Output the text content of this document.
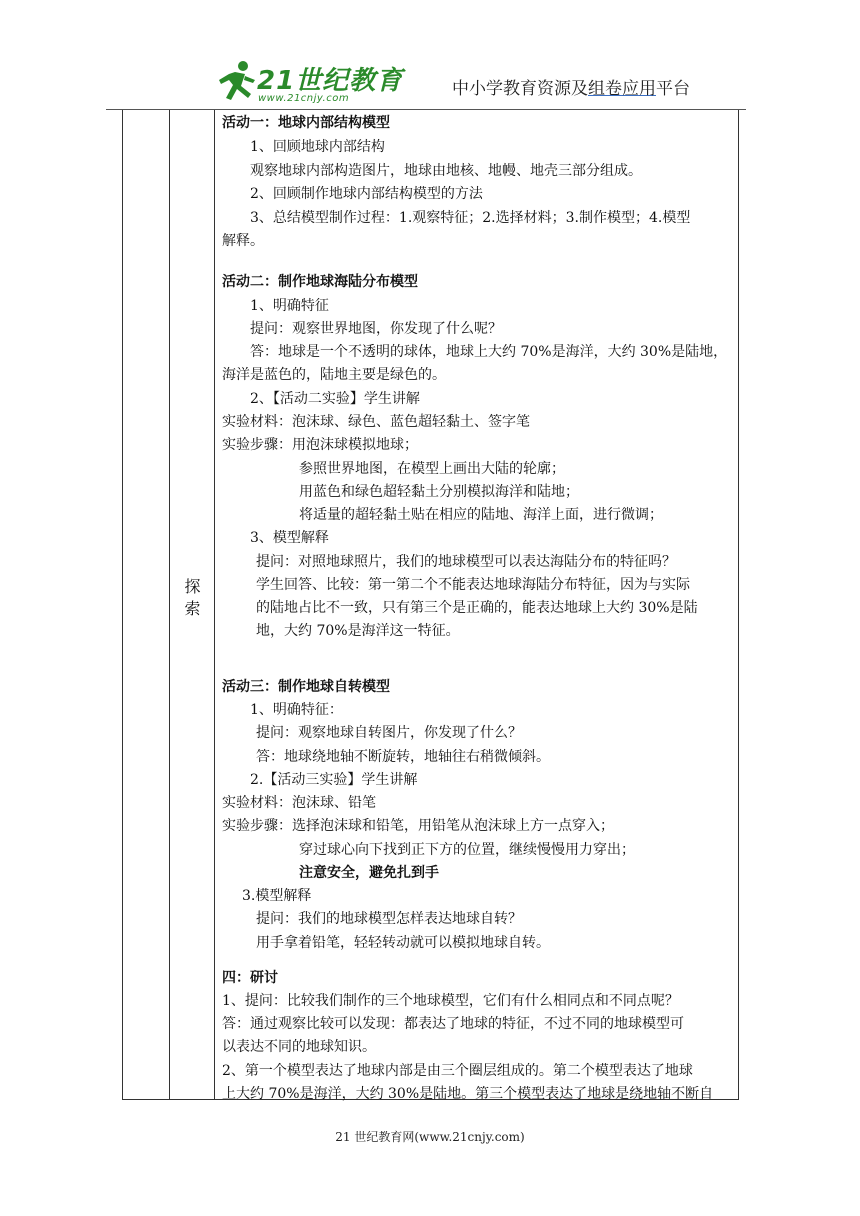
21世纪教育
www.21cnjy.com	中小学教育资源及组卷应用平台
探索
活动一：地球内部结构模型
1、回顾地球内部结构
观察地球内部构造图片，地球由地核、地幔、地壳三部分组成。
2、回顾制作地球内部结构模型的方法
3、总结模型制作过程：1.观察特征；2.选择材料；3.制作模型；4.模型
解释。
活动二：制作地球海陆分布模型
1、明确特征
提问：观察世界地图，你发现了什么呢？
答：地球是一个不透明的球体，地球上大约 70%是海洋，大约 30%是陆地，
海洋是蓝色的，陆地主要是绿色的。
2、【活动二实验】学生讲解
实验材料：泡沫球、绿色、蓝色超轻黏土、签字笔
实验步骤：用泡沫球模拟地球；
参照世界地图，在模型上画出大陆的轮廓；
用蓝色和绿色超轻黏土分别模拟海洋和陆地；
将适量的超轻黏土贴在相应的陆地、海洋上面，进行微调；
3、模型解释
提问：对照地球照片，我们的地球模型可以表达海陆分布的特征吗？
学生回答、比较：第一第二个不能表达地球海陆分布特征，因为与实际
的陆地占比不一致，只有第三个是正确的，能表达地球上大约 30%是陆
地，大约 70%是海洋这一特征。
活动三：制作地球自转模型
1、明确特征：
提问：观察地球自转图片，你发现了什么？
答：地球绕地轴不断旋转，地轴往右稍微倾斜。
2.【活动三实验】学生讲解
实验材料：泡沫球、铅笔
实验步骤：选择泡沫球和铅笔，用铅笔从泡沫球上方一点穿入；
穿过球心向下找到正下方的位置，继续慢慢用力穿出；
注意安全，避免扎到手
3.模型解释
提问：我们的地球模型怎样表达地球自转？
用手拿着铅笔，轻轻转动就可以模拟地球自转。
四：研讨
1、提问：比较我们制作的三个地球模型，它们有什么相同点和不同点呢？
答：通过观察比较可以发现：都表达了地球的特征，不过不同的地球模型可
以表达不同的地球知识。
2、第一个模型表达了地球内部是由三个圈层组成的。第二个模型表达了地球
上大约 70%是海洋，大约 30%是陆地。第三个模型表达了地球是绕地轴不断自
21 世纪教育网(www.21cnjy.com)
